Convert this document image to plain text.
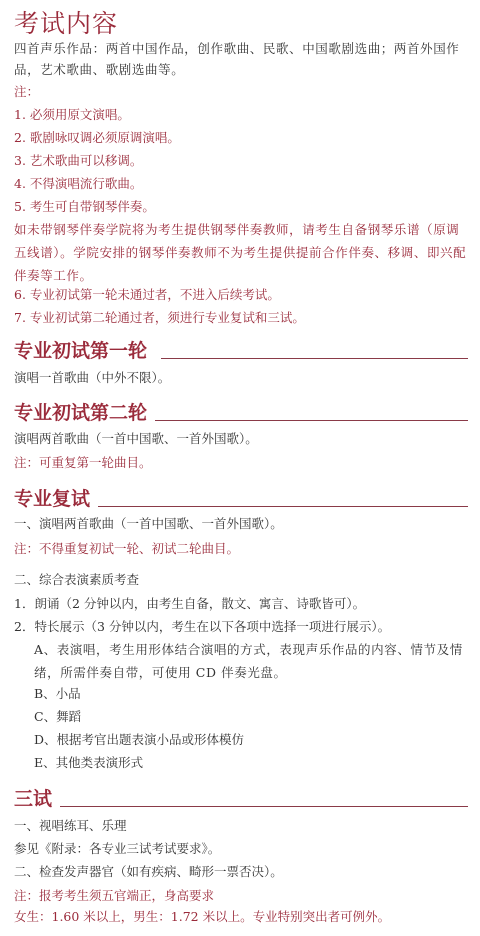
考试内容
四首声乐作品：两首中国作品，创作歌曲、民歌、中国歌剧选曲；两首外国作品，艺术歌曲、歌剧选曲等。
注：
1. 必须用原文演唱。
2. 歌剧咏叹调必须原调演唱。
3. 艺术歌曲可以移调。
4. 不得演唱流行歌曲。
5. 考生可自带钢琴伴奏。
如未带钢琴伴奏学院将为考生提供钢琴伴奏教师，请考生自备钢琴乐谱（原调五线谱）。学院安排的钢琴伴奏教师不为考生提供提前合作伴奏、移调、即兴配伴奏等工作。
6. 专业初试第一轮未通过者，不进入后续考试。
7. 专业初试第二轮通过者，须进行专业复试和三试。
专业初试第一轮
演唱一首歌曲（中外不限）。
专业初试第二轮
演唱两首歌曲（一首中国歌、一首外国歌）。
注：可重复第一轮曲目。
专业复试
一、演唱两首歌曲（一首中国歌、一首外国歌）。
注：不得重复初试一轮、初试二轮曲目。
二、综合表演素质考查
1．朗诵（2 分钟以内，由考生自备，散文、寓言、诗歌皆可）。
2．特长展示（3 分钟以内，考生在以下各项中选择一项进行展示）。
A、表演唱，考生用形体结合演唱的方式，表现声乐作品的内容、情节及情绪，所需伴奏自带，可使用 CD 伴奏光盘。
B、小品
C、舞蹈
D、根据考官出题表演小品或形体模仿
E、其他类表演形式
三试
一、视唱练耳、乐理
参见《附录：各专业三试考试要求》。
二、检查发声器官（如有疾病、畸形一票否决）。
注：报考考生须五官端正，身高要求
女生：1.60 米以上，男生：1.72 米以上。专业特别突出者可例外。
